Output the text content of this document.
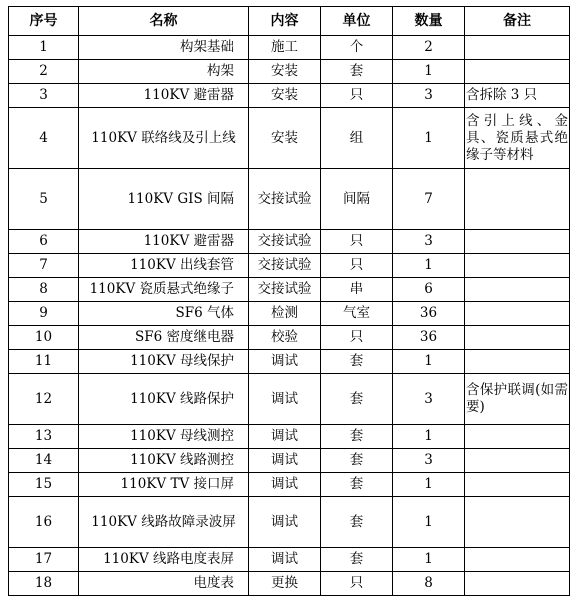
序号	名称	内容	单位	数量	备注
1	构架基础	施工	个	2	
2	构架	安装	套	1	
3	110KV 避雷器	安装	只	3	含拆除 3 只
4	110KV 联络线及引上线	安装	组	1	含引上线、金具、瓷质悬式绝缘子等材料
5	110KV GIS 间隔	交接试验	间隔	7	
6	110KV 避雷器	交接试验	只	3	
7	110KV 出线套管	交接试验	只	1	
8	110KV 瓷质悬式绝缘子	交接试验	串	6	
9	SF6 气体	检测	气室	36	
10	SF6 密度继电器	校验	只	36	
11	110KV 母线保护	调试	套	1	
12	110KV 线路保护	调试	套	3	含保护联调(如需要)
13	110KV 母线测控	调试	套	1	
14	110KV 线路测控	调试	套	3	
15	110KV TV 接口屏	调试	套	1	
16	110KV 线路故障录波屏	调试	套	1	
17	110KV 线路电度表屏	调试	套	1	
18	电度表	更换	只	8	
